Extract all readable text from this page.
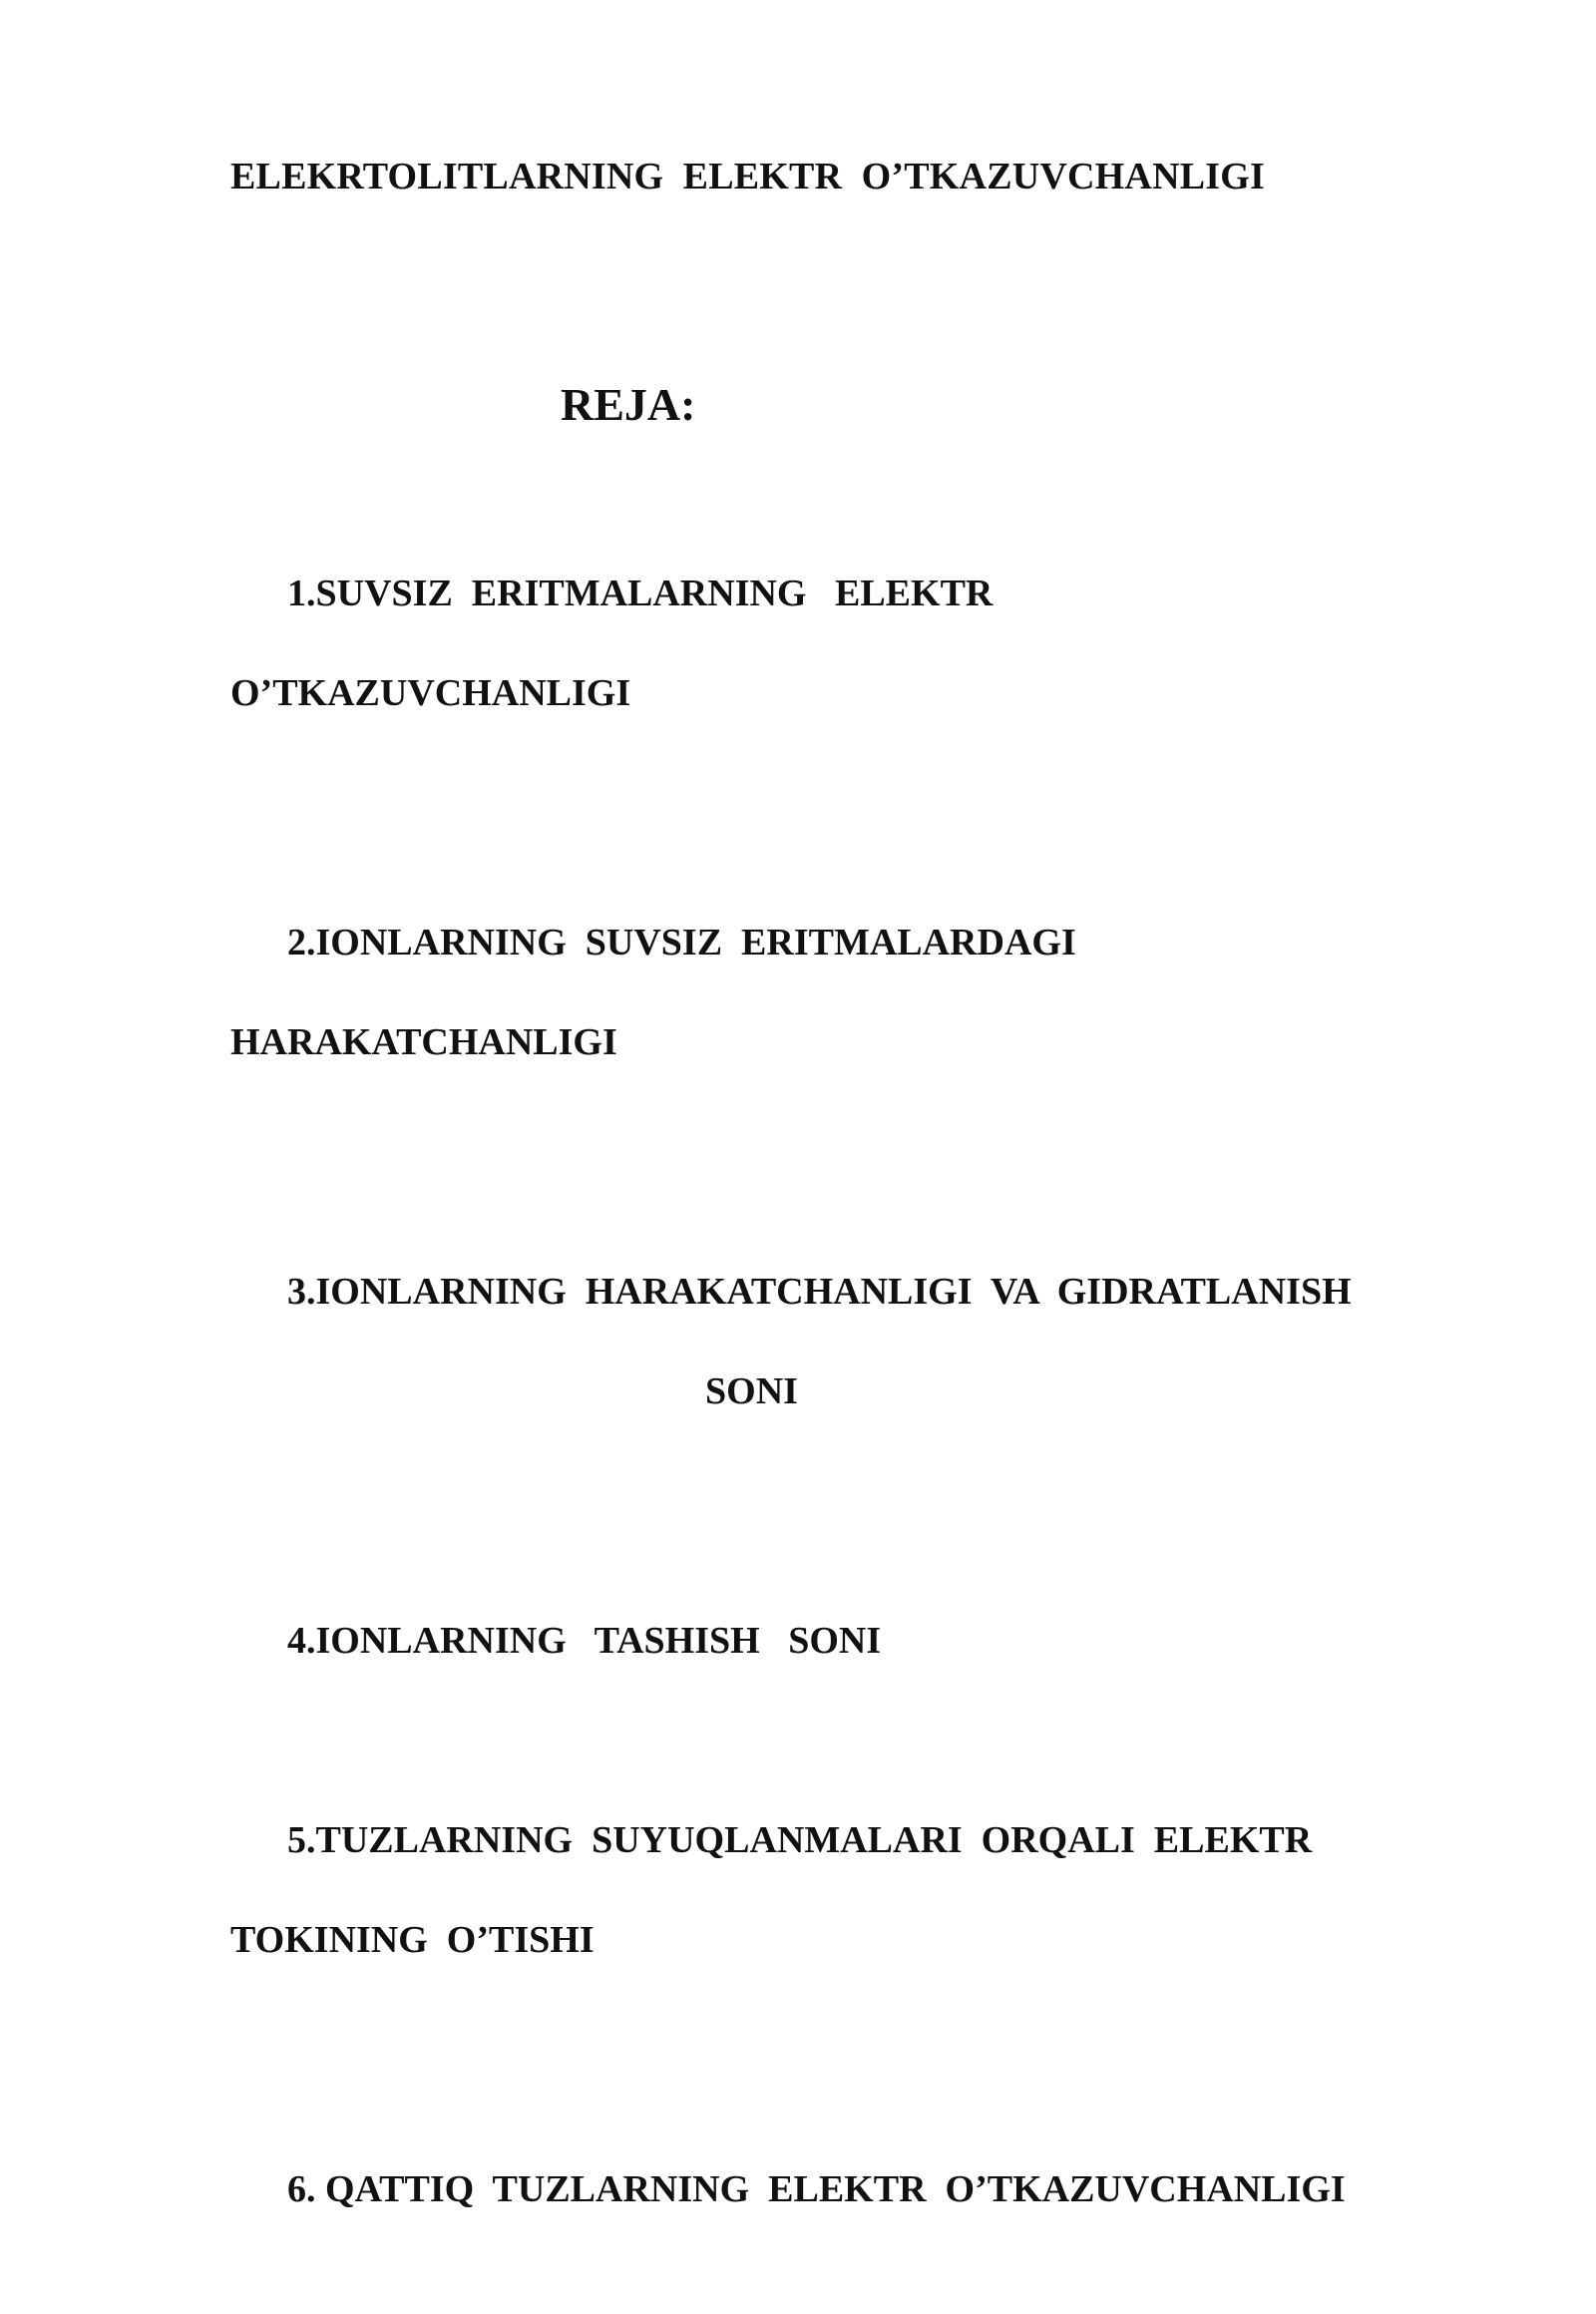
ELEKRTOLITLARNING  ELEKTR  O’TKAZUVCHANLIGI
REJA:

1.SUVSIZ  ERITMALARNING   ELEKTR

O’TKAZUVCHANLIGI

2.IONLARNING  SUVSIZ  ERITMALARDAGI

HARAKATCHANLIGI

3.IONLARNING  HARAKATCHANLIGI  VA  GIDRATLANISH

SONI

4.IONLARNING   TASHISH   SONI

5.TUZLARNING  SUYUQLANMALARI  ORQALI  ELEKTR

TOKINING  O’TISHI

6. QATTIQ  TUZLARNING  ELEKTR  O’TKAZUVCHANLIGI
